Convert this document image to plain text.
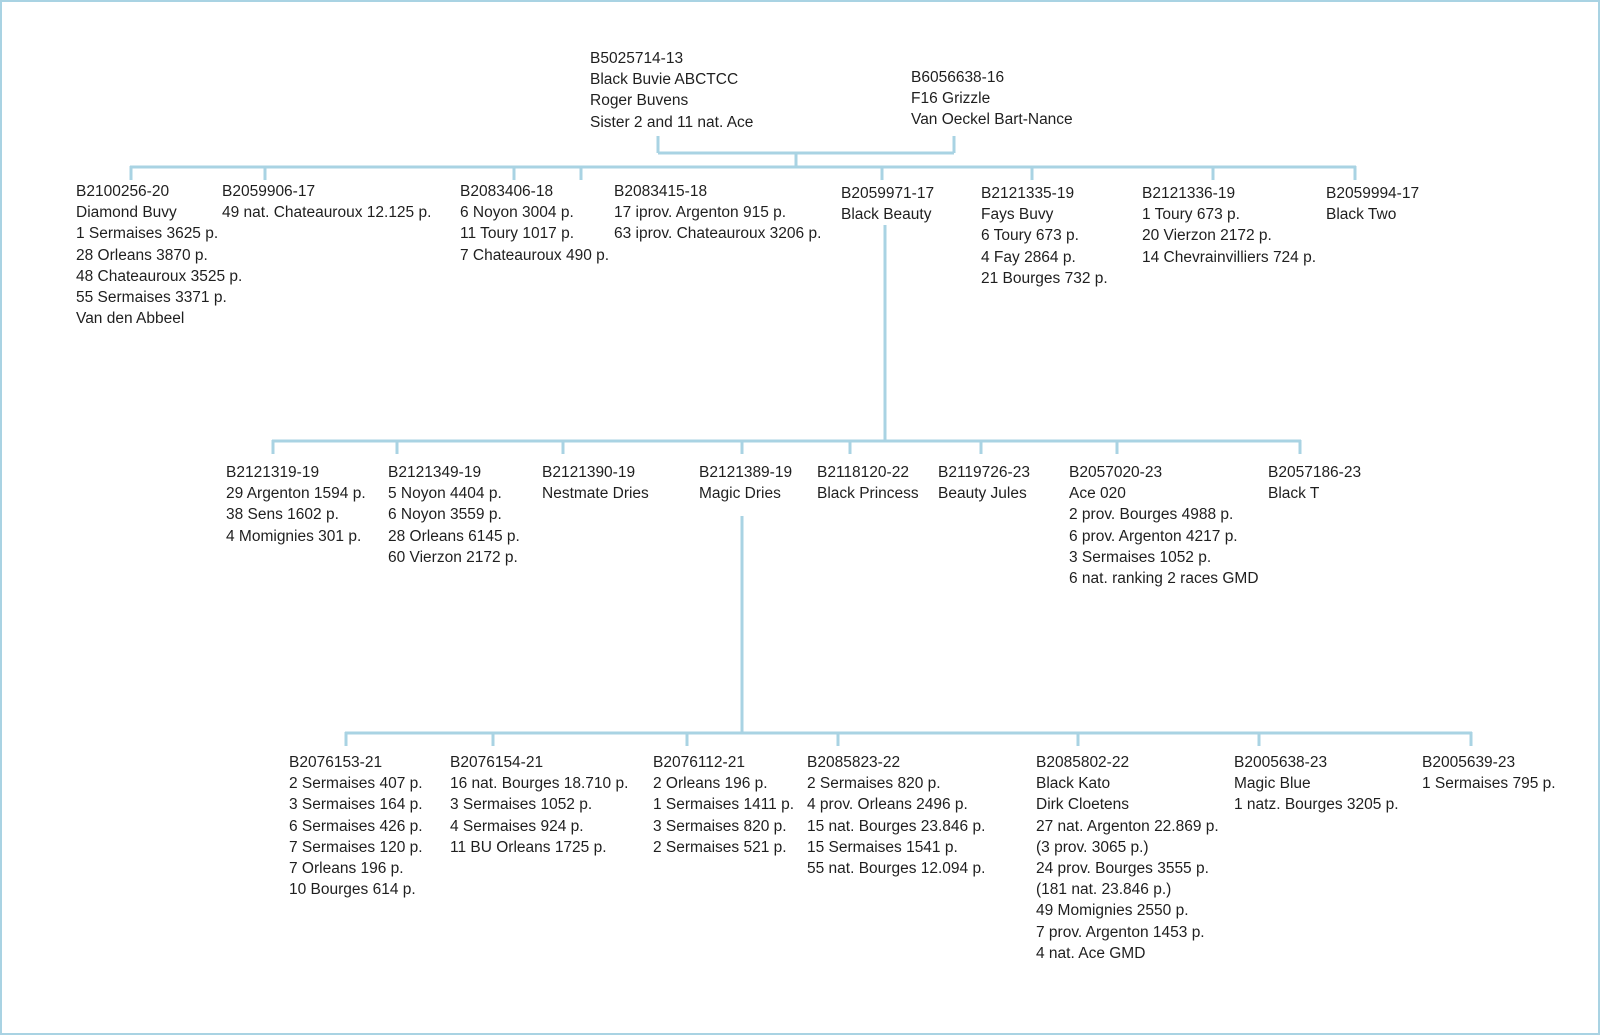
B5025714-13
Black Buvie ABCTCC
Roger Buvens
Sister 2 and 11 nat. Ace
B6056638-16
F16 Grizzle
Van Oeckel Bart-Nance
B2100256-20
Diamond Buvy
1 Sermaises 3625 p.
28 Orleans 3870 p.
48 Chateauroux 3525 p.
55 Sermaises 3371 p.
Van den Abbeel
B2059906-17
49 nat. Chateauroux 12.125 p.
B2083406-18
6 Noyon 3004 p.
11 Toury 1017 p.
7 Chateauroux 490 p.
B2083415-18
17 iprov. Argenton 915 p.
63 iprov. Chateauroux 3206 p.
B2059971-17
Black Beauty
B2121335-19
Fays Buvy
6 Toury 673 p.
4 Fay 2864 p.
21 Bourges 732 p.
B2121336-19
1 Toury 673 p.
20 Vierzon 2172 p.
14 Chevrainvilliers 724 p.
B2059994-17
Black Two
B2121319-19
29 Argenton 1594 p.
38 Sens 1602 p.
4 Momignies 301 p.
B2121349-19
5 Noyon 4404 p.
6 Noyon 3559 p.
28 Orleans 6145 p.
60 Vierzon 2172 p.
B2121390-19
Nestmate Dries
B2121389-19
Magic Dries
B2118120-22
Black Princess
B2119726-23
Beauty Jules
B2057020-23
Ace 020
2 prov. Bourges 4988 p.
6 prov. Argenton 4217 p.
3 Sermaises 1052 p.
6 nat. ranking 2 races GMD
B2057186-23
Black T
B2076153-21
2 Sermaises 407 p.
3 Sermaises 164 p.
6 Sermaises 426 p.
7 Sermaises 120 p.
7 Orleans 196 p.
10 Bourges 614 p.
B2076154-21
16 nat. Bourges 18.710 p.
3 Sermaises 1052 p.
4 Sermaises 924 p.
11 BU Orleans 1725 p.
B2076112-21
2 Orleans 196 p.
1 Sermaises 1411 p.
3 Sermaises 820 p.
2 Sermaises 521 p.
B2085823-22
2 Sermaises 820 p.
4 prov. Orleans 2496 p.
15 nat. Bourges 23.846 p.
15 Sermaises 1541 p.
55 nat. Bourges 12.094 p.
B2085802-22
Black Kato
Dirk Cloetens
27 nat. Argenton 22.869 p.
(3 prov. 3065 p.)
24 prov. Bourges 3555 p.
(181 nat. 23.846 p.)
49 Momignies 2550 p.
7 prov. Argenton 1453 p.
4 nat. Ace GMD
B2005638-23
Magic Blue
1 natz. Bourges 3205 p.
B2005639-23
1 Sermaises 795 p.
